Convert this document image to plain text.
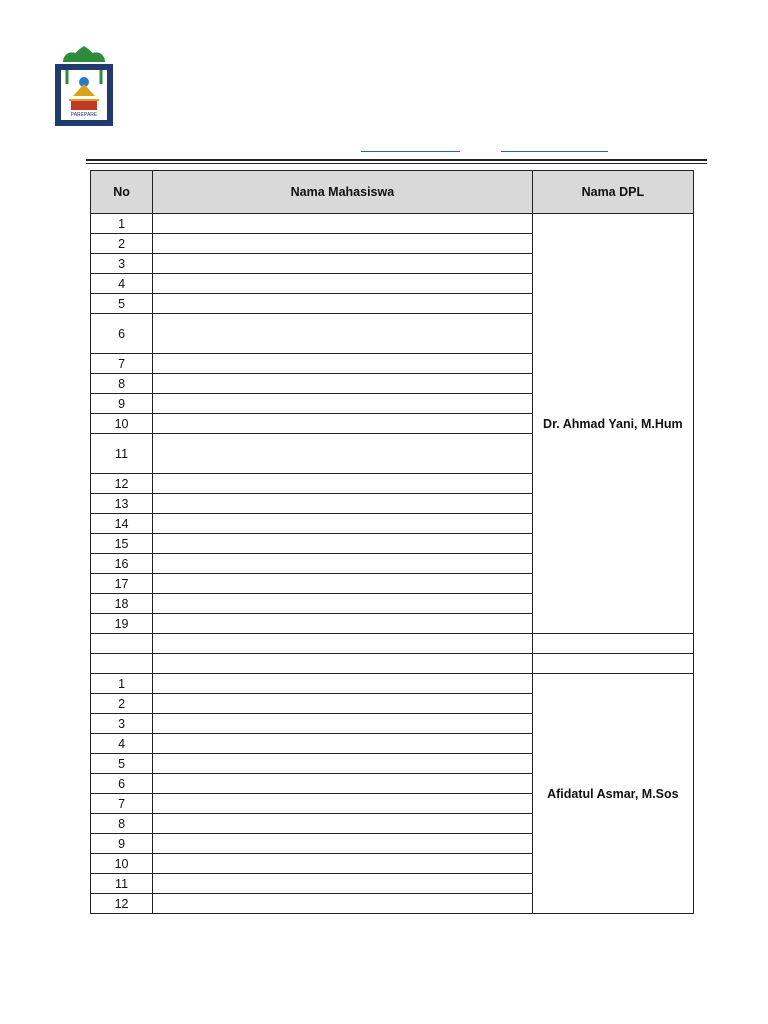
PAREPARE
No	Nama Mahasiswa	Nama DPL
1		Dr. Ahmad Yani, M.Hum
2		
3		
4		
5		
6		
7		
8		
9		
10		
11		
12		
13		
14		
15		
16		
17		
18		
19		

1		Afidatul Asmar, M.Sos
2		
3		
4		
5		
6		
7		
8		
9		
10		
11		
12		
